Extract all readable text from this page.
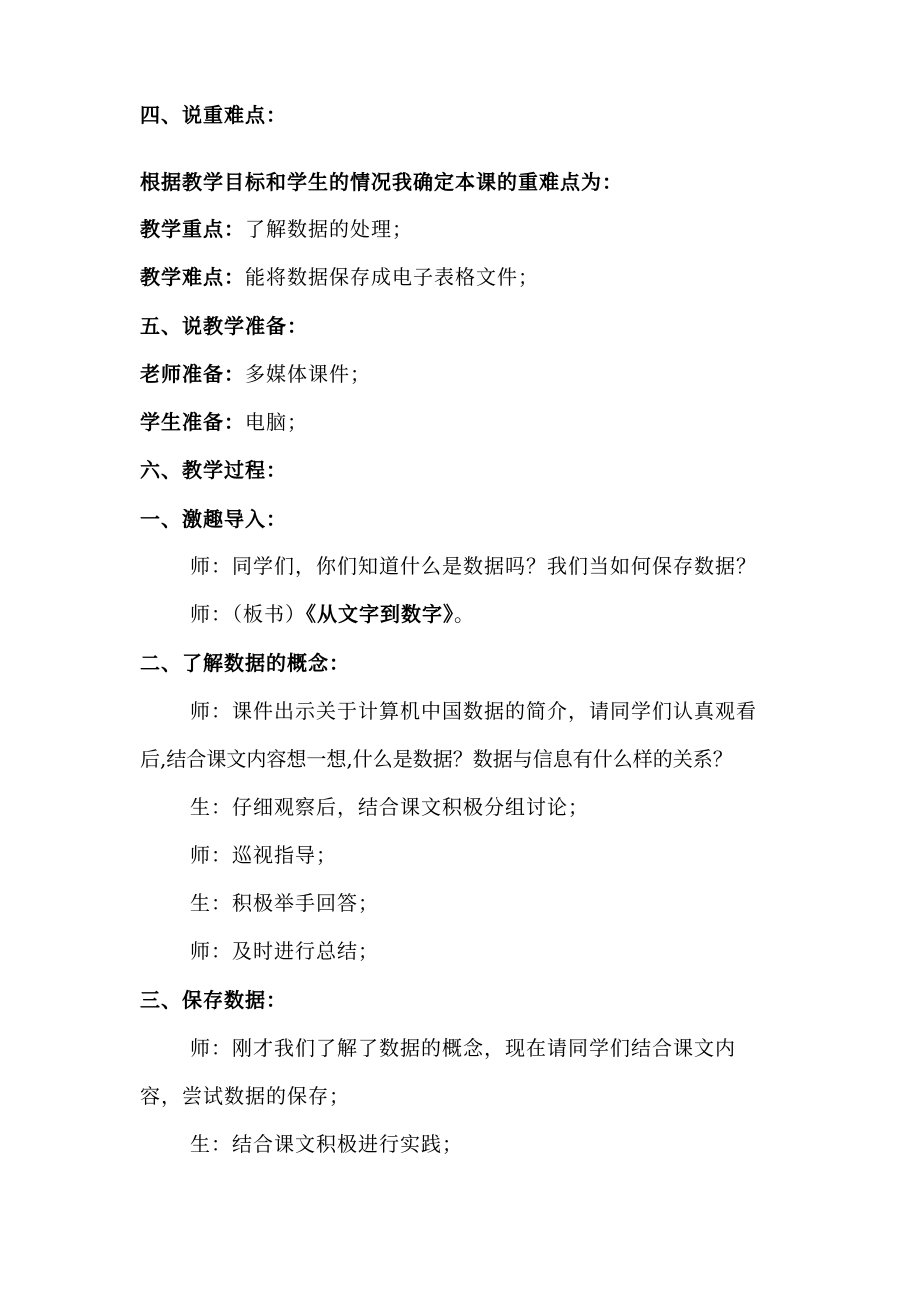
四、说重难点：
根据教学目标和学生的情况我确定本课的重难点为：
教学重点：了解数据的处理；
教学难点：能将数据保存成电子表格文件；
五、说教学准备：
老师准备：多媒体课件；
学生准备：电脑；
六、教学过程：
一、激趣导入：
师：同学们，你们知道什么是数据吗？我们当如何保存数据？
师：（板书）《从文字到数字》。
二、了解数据的概念：
师：课件出示关于计算机中国数据的简介，请同学们认真观看
后,结合课文内容想一想,什么是数据？数据与信息有什么样的关系？
生：仔细观察后，结合课文积极分组讨论；
师：巡视指导；
生：积极举手回答；
师：及时进行总结；
三、保存数据：
师：刚才我们了解了数据的概念，现在请同学们结合课文内
容，尝试数据的保存；
生：结合课文积极进行实践；
